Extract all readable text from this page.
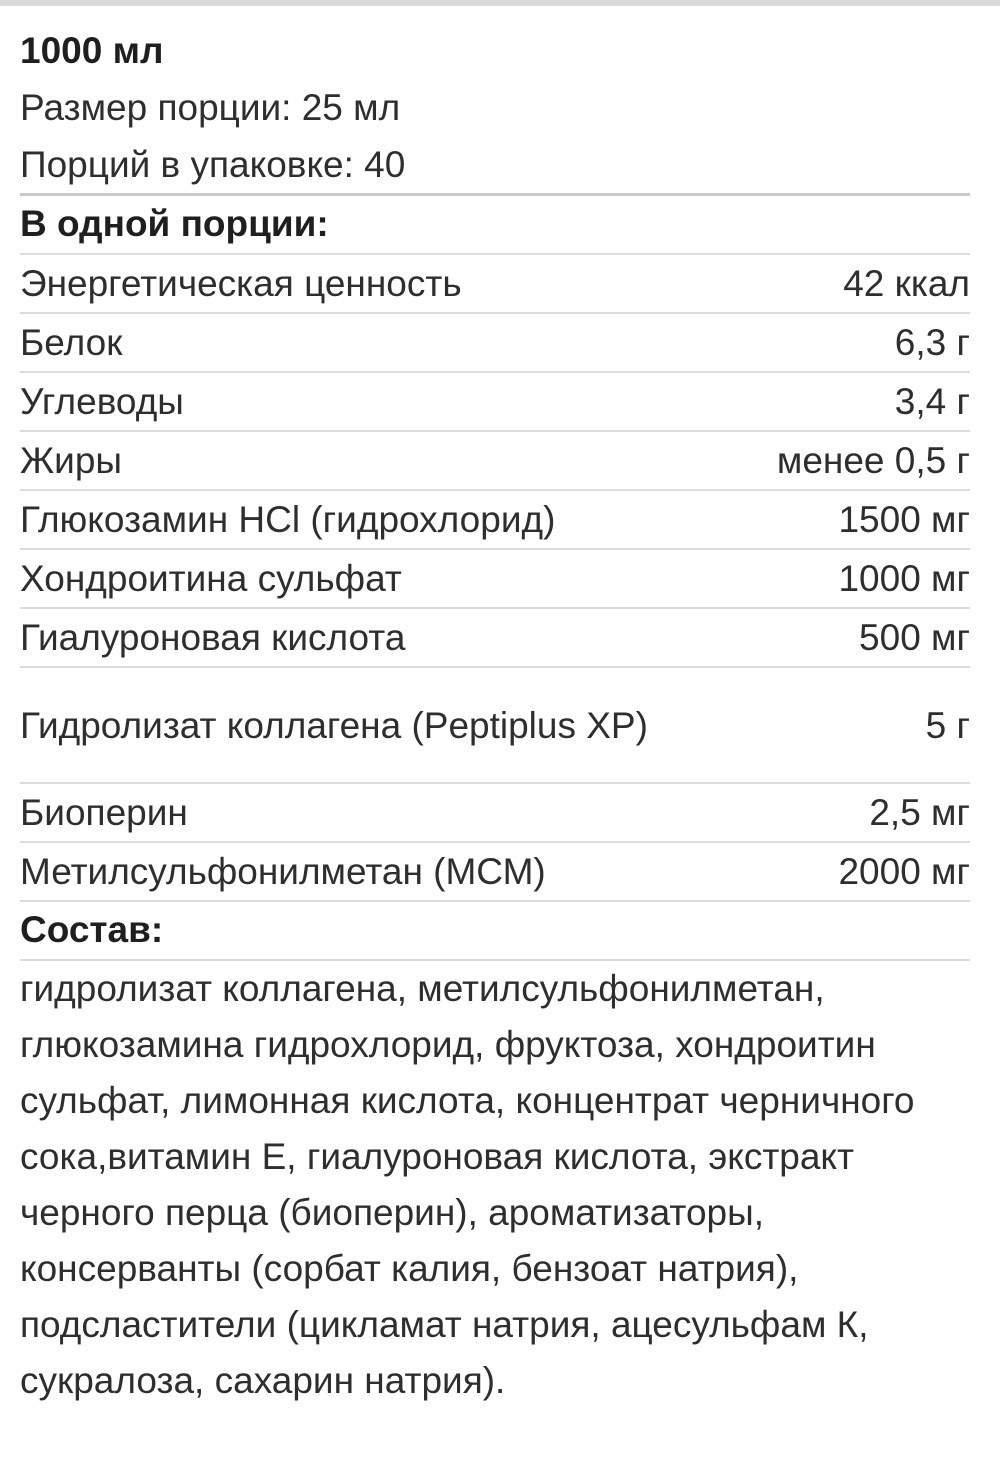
1000 мл
Размер порции: 25 мл
Порций в упаковке: 40
В одной порции:
Энергетическая ценность	42 ккал
Белок	6,3 г
Углеводы	3,4 г
Жиры	менее 0,5 г
Глюкозамин HCl (гидрохлорид)	1500 мг
Хондроитина сульфат	1000 мг
Гиалуроновая кислота	500 мг
Гидролизат коллагена (Peptiplus XP)	5 г
Биоперин	2,5 мг
Метилсульфонилметан (МСМ)	2000 мг
Состав:
гидролизат коллагена, метилсульфонилметан, глюкозамина гидрохлорид, фруктоза, хондроитин сульфат, лимонная кислота, концентрат черничного сока,витамин Е, гиалуроновая кислота, экстракт черного перца (биоперин), ароматизаторы, консерванты (сорбат калия, бензоат натрия), подсластители (цикламат натрия, ацесульфам К, сукралоза, сахарин натрия).
